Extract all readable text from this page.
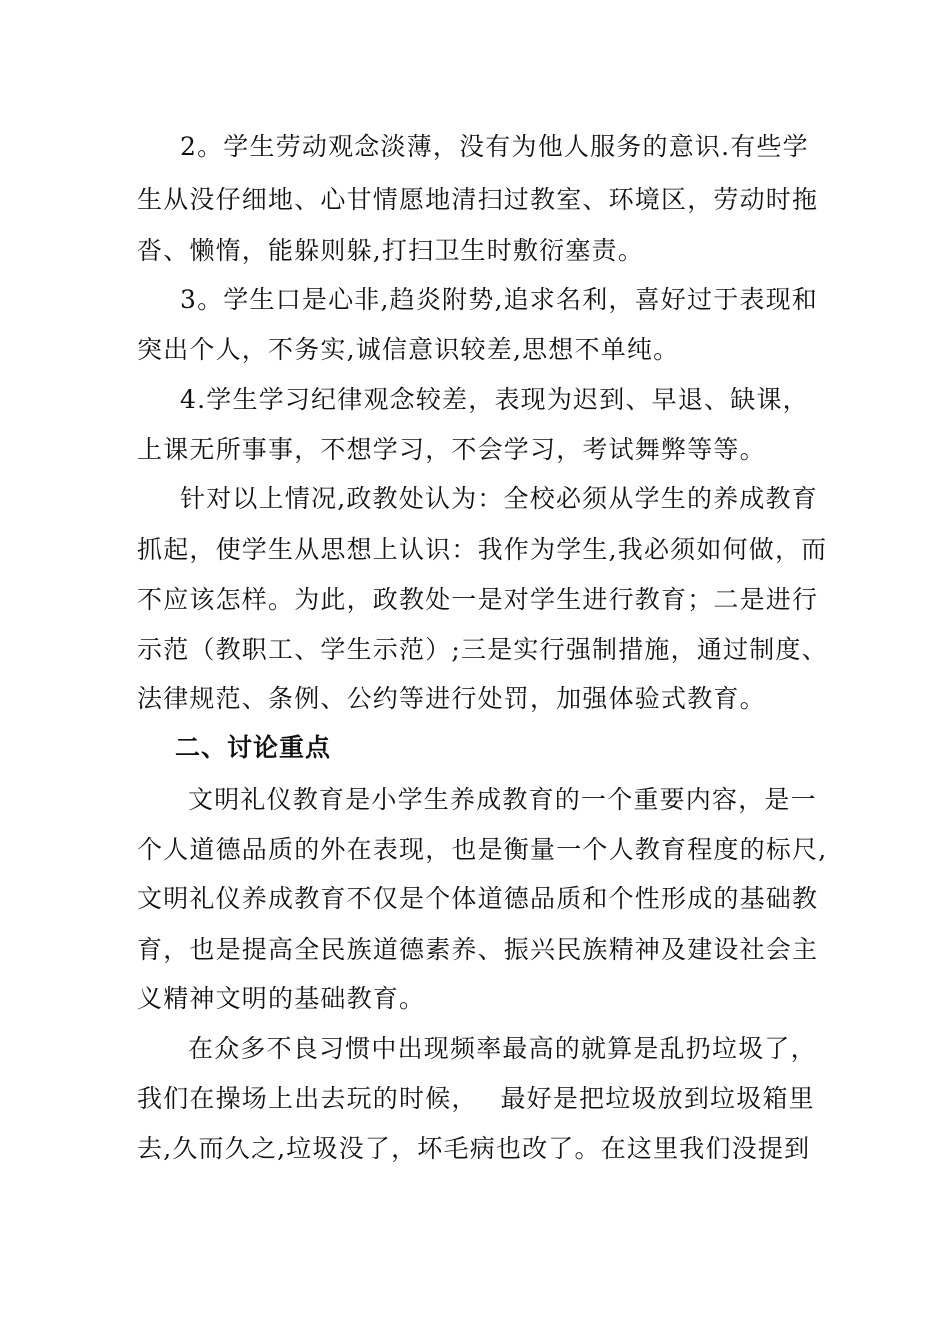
2。学生劳动观念淡薄，没有为他人服务的意识.有些学
生从没仔细地、心甘情愿地清扫过教室、环境区，劳动时拖
沓、懒惰，能躲则躲,打扫卫生时敷衍塞责。
3。学生口是心非,趋炎附势,追求名利，喜好过于表现和
突出个人，不务实,诚信意识较差,思想不单纯。
4.学生学习纪律观念较差，表现为迟到、早退、缺课，
上课无所事事，不想学习，不会学习，考试舞弊等等。
针对以上情况,政教处认为：全校必须从学生的养成教育
抓起，使学生从思想上认识：我作为学生,我必须如何做，而
不应该怎样。为此，政教处一是对学生进行教育；二是进行
示范（教职工、学生示范）;三是实行强制措施，通过制度、
法律规范、条例、公约等进行处罚，加强体验式教育。
二、讨论重点
文明礼仪教育是小学生养成教育的一个重要内容，是一
个人道德品质的外在表现，也是衡量一个人教育程度的标尺,
文明礼仪养成教育不仅是个体道德品质和个性形成的基础教
育，也是提高全民族道德素养、振兴民族精神及建设社会主
义精神文明的基础教育。
在众多不良习惯中出现频率最高的就算是乱扔垃圾了，
我们在操场上出去玩的时候，　 最好是把垃圾放到垃圾箱里
去,久而久之,垃圾没了，坏毛病也改了。在这里我们没提到
